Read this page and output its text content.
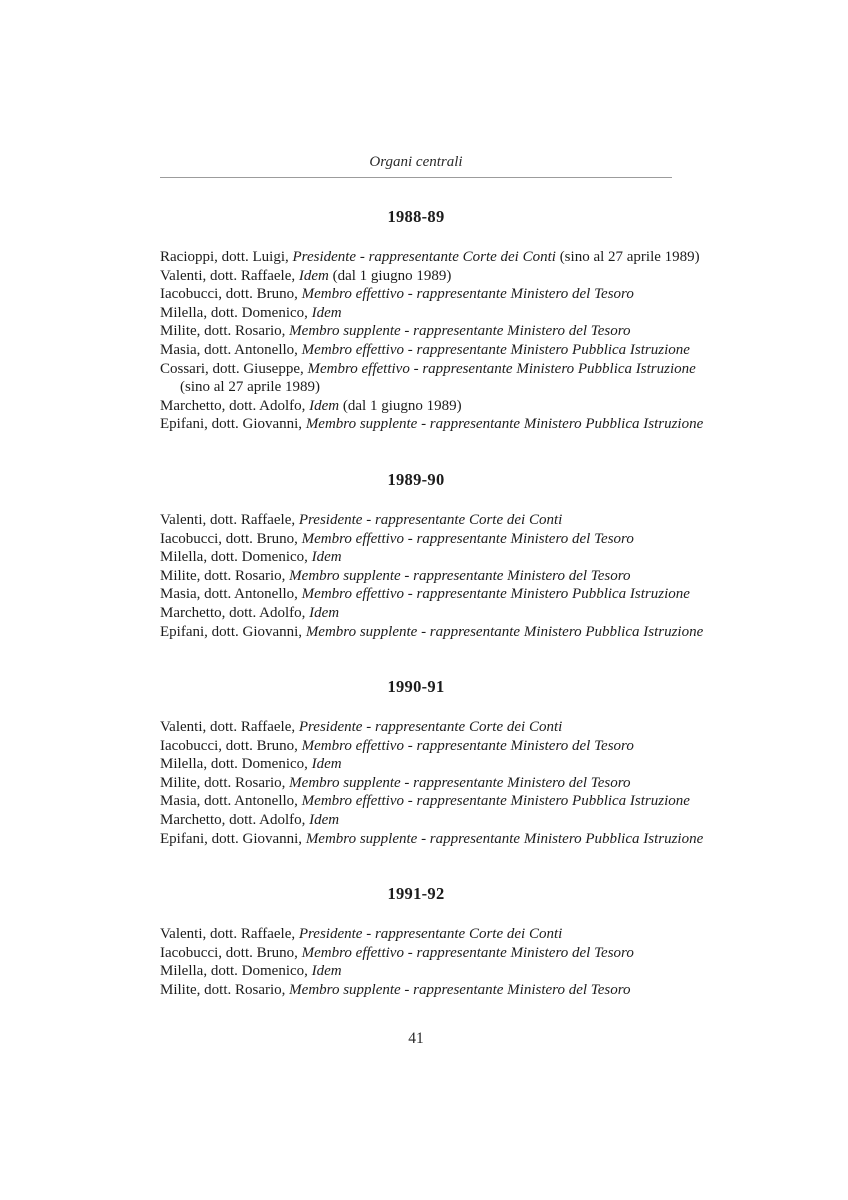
Organi centrali
1988-89
Racioppi, dott. Luigi, Presidente - rappresentante Corte dei Conti (sino al 27 aprile 1989)
Valenti, dott. Raffaele, Idem (dal 1 giugno 1989)
Iacobucci, dott. Bruno, Membro effettivo - rappresentante Ministero del Tesoro
Milella, dott. Domenico, Idem
Milite, dott. Rosario, Membro supplente - rappresentante Ministero del Tesoro
Masia, dott. Antonello, Membro effettivo - rappresentante Ministero Pubblica Istruzione
Cossari, dott. Giuseppe, Membro effettivo - rappresentante Ministero Pubblica Istruzione
(sino al 27 aprile 1989)
Marchetto, dott. Adolfo, Idem (dal 1 giugno 1989)
Epifani, dott. Giovanni, Membro supplente - rappresentante Ministero Pubblica Istruzione
1989-90
Valenti, dott. Raffaele, Presidente - rappresentante Corte dei Conti
Iacobucci, dott. Bruno, Membro effettivo - rappresentante Ministero del Tesoro
Milella, dott. Domenico, Idem
Milite, dott. Rosario, Membro supplente - rappresentante Ministero del Tesoro
Masia, dott. Antonello, Membro effettivo - rappresentante Ministero Pubblica Istruzione
Marchetto, dott. Adolfo, Idem
Epifani, dott. Giovanni, Membro supplente - rappresentante Ministero Pubblica Istruzione
1990-91
Valenti, dott. Raffaele, Presidente - rappresentante Corte dei Conti
Iacobucci, dott. Bruno, Membro effettivo - rappresentante Ministero del Tesoro
Milella, dott. Domenico, Idem
Milite, dott. Rosario, Membro supplente - rappresentante Ministero del Tesoro
Masia, dott. Antonello, Membro effettivo - rappresentante Ministero Pubblica Istruzione
Marchetto, dott. Adolfo, Idem
Epifani, dott. Giovanni, Membro supplente - rappresentante Ministero Pubblica Istruzione
1991-92
Valenti, dott. Raffaele, Presidente - rappresentante Corte dei Conti
Iacobucci, dott. Bruno, Membro effettivo - rappresentante Ministero del Tesoro
Milella, dott. Domenico, Idem
Milite, dott. Rosario, Membro supplente - rappresentante Ministero del Tesoro
41
